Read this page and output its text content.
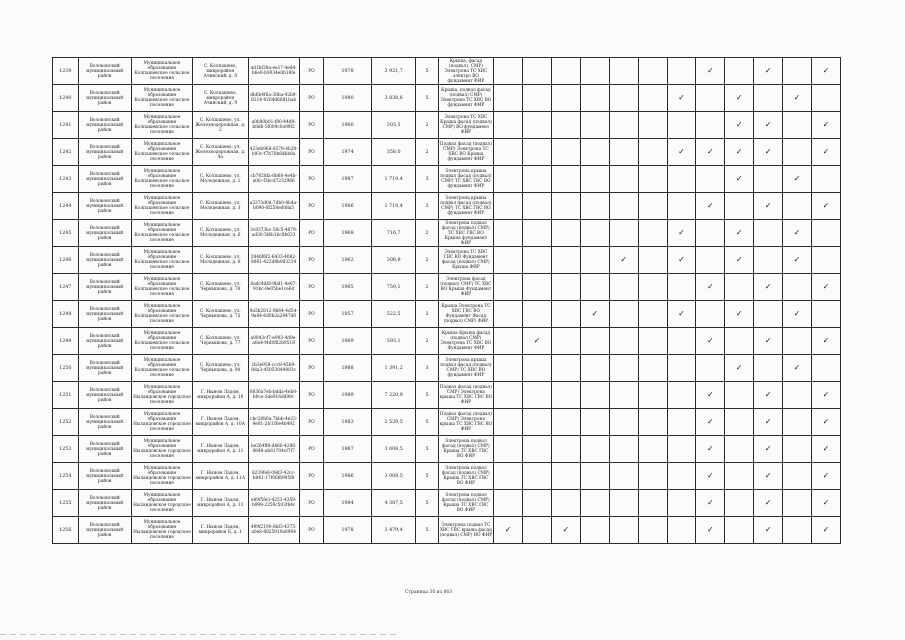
1239	Волоконский муниципальный район	Муниципальное образование Колпашевское сельское поселение	С. Колпашево, микрорайон Ачинский, д. 8	ad1bf38a-ee17-4ed4-b6e0-b9034e0b18fe	РО	1978	3 921,7	5	Крыша, фасад (подвал), СМР) Электрона ТС ХВС электро ВО фундамент ФИР								✓		✓		✓
1240	Волоконский муниципальный район	Муниципальное образование Колпашевское сельское поселение	С. Колпашево, микрорайон Ачинский, д. 9	db6b4f6a-38ba-42b9-8214-9264d6881bab	РО	1980	3 838,6	5	Крыша, подвал фасад (подвал) СМР) Электрона ТС ХВС ВО фундамент ФИР							✓		✓		✓	
1241	Волоконский муниципальный район	Муниципальное образование Колпашевское сельское поселение	С. Колпашево, ул. Железнодорожная, д. 2	a0b80b01-f80-44d9-b8d6-5f009c0a99f2	РО	1960	303,5	2	Электрона ТС ХВС Крыша фасад (подвал) СМР) ВО фундамент ФИР									✓	✓		✓
1242	Волоконский муниципальный район	Муниципальное образование Колпашевское сельское поселение	С. Колпашево, ул. Железнодорожная, д. 4а	423eb968-8378-4b29-b93c-f7b70b6dbb8a	РО	1974	358,0	2	Подвал фасад (подвал) СМР) Электрона ТС ХВС ВО Крыша фундамент ФИР							✓	✓	✓	✓		✓
1243	Волоконский муниципальный район	Муниципальное образование Колпашевское сельское поселение	С. Колпашево, ул. Молодежная, д. 1	cb7828fa-8b68-4e4b-a0fc-f3bcd7232966	РО	1987	1 719,4	3	Электрона крыша подвал фасад (подвал) СМР) ТС ХВС ГВС ВО фундамент ФИР									✓		✓	
1244	Волоконский муниципальный район	Муниципальное образование Колпашевское сельское поселение	С. Колпашево, ул. Молодежная, д. 3	a3373d0d-7db0-4b4a-b090-6f258ed08a5	РО	1986	1 719,4	3	Электрона крыша подвал фасад (подвал) СМР) ТС ХВС ГВС ВО фундамент ФИР								✓		✓		✓
1245	Волоконский муниципальный район	Муниципальное образование Колпашевское сельское поселение	С. Колпашево, ул. Молодежная, д. 6	3c8373bc-58c5-4879-ad30-5f6b1bc8b023	РО	1968	716,7	2	Электрона подвал фасад (подвал) СМР) ТС ХВС ГВС ВО Крыша фундамент ФИР							✓		✓		✓	
1246	Волоконский муниципальный район	Муниципальное образование Колпашевское сельское поселение	С. Колпашево, ул. Молодежная, д. 8	2846f6f2-6433-4082-8961-422d9b083214	РО	1962	308,9	2	Электрона ТС ХВС ГВС ВО Фундамент фасад (подвал) СМР) Крыша ФИР					✓		✓		✓		✓	
1247	Волоконский муниципальный район	Муниципальное образование Колпашевское сельское поселение	С. Колпашево, ул. Чернышова, д. 78	8adc4dfd-9bd1-4e07-91bc-8e05be1ce6d	РО	1965	759,1	2	Электрона фасад (подвал) СМР) ТС ХВС ВО Крыша Фундамент ФИР								✓		✓		✓
1248	Волоконский муниципальный район	Муниципальное образование Колпашевское сельское поселение	С. Колпашево, ул. Чернышова, д. 75	9a5b2812-9b64-4d54-9a84-6d0b2a2947d0	РО	1957	522,5	2	Крыша Электрона ТС ХВС ГВС ВО Фундамент Фасад (подвал) СМР) ФИР				✓			✓		✓		✓	
1249	Волоконский муниципальный район	Муниципальное образование Колпашевское сельское поселение	С. Колпашево, ул. Чернышова, д. 77	a9043cf7-e903-4d9e-a0a4-f4d0f82b9518	РО	1969	593,1	2	Крыша Крыша фасад (подвал СМР) Электрона ТС ХВС ВО Фундамент ФИР		✓						✓		✓		✓
1250	Волоконский муниципальный район	Муниципальное образование Колпашевское сельское поселение	С. Колпашево, ул. Чернышова, д. 90	cb3e958-ccc8-45b9-8da3-45053049803c	РО	1988	1 391,2	3	Электрона крыша подвал фасад (подвал) СМР) ТС ХВС ВО фундамент ФИР									✓		✓	
1251	Волоконский муниципальный район	Муниципальное образование Ныландовское городское поселение	Г. Ныном Ладом, микрорайон А, д. 10	6836a7eb-bdda-4eb8-b0ce-3de916dd98c	РО	1989	7 220,9	5	Подвал фасад (подвал) СМР) Электрона крыша ТС ХВС ГВС ВО ФИР								✓		✓		✓
1252	Волоконский муниципальный район	Муниципальное образование Ныландовское городское поселение	Г. Ныном Ладом, микрорайон А, д. 10А	cbc2880a-7bbb-4e23-9e81-2fc1f0e4b492	РО	1983	2 529,5	5	Подвал фасад (подвал) СМР) Электрона крыша ТС ХВС ГВС ВО ФИР								✓		✓		✓
1253	Волоконский муниципальный район	Муниципальное образование Ныландовское городское поселение	Г. Ныном Ладом, микрорайон А, д. 11	be264ff8-d466-4286-8848-ab81704cf7f7	РО	1987	3 008,5	5	Электрона подвал фасад (подвал) СМР) Крыша ТС ХВС ГВС ВО ФИР								✓		✓		✓
1254	Волоконский муниципальный район	Муниципальное образование Ныландовское городское поселение	Г. Ныном Ладом, микрорайон А, д. 11А	8239fe8-09d3-42cc-b841-17f06f6995f8	РО	1986	3 008,5	5	Электрона подвал фасад (подвал) СМР) Крыша ТС ХВС ГВС ВО ФИР								✓		✓		✓
1255	Волоконский муниципальный район	Муниципальное образование Ныландовское городское поселение	Г. Ныном Ладом, микрорайон А, д. 13	e89f5fe3-4253-4359-b998-2250c503fb4c	РО	1984	4 387,5	5	Электрона подвал фасад (подвал) СМР) Крыша ТС ХВС ГВС ВО ФИР								✓		✓		✓
1256	Волоконский муниципальный район	Муниципальное образование Ныландовское городское поселение	Г. Ныном Ладом, микрорайон Б, д. 1	499f2190-8bf3-4375-a0e8-8825919a8994	РО	1978	3 479,4	5	Электрона подвал ТС ХВС ГВС крыша фасад (подвал) СМР) ВО ФИР	✓		✓					✓		✓		✓
Страница 30 из 863
